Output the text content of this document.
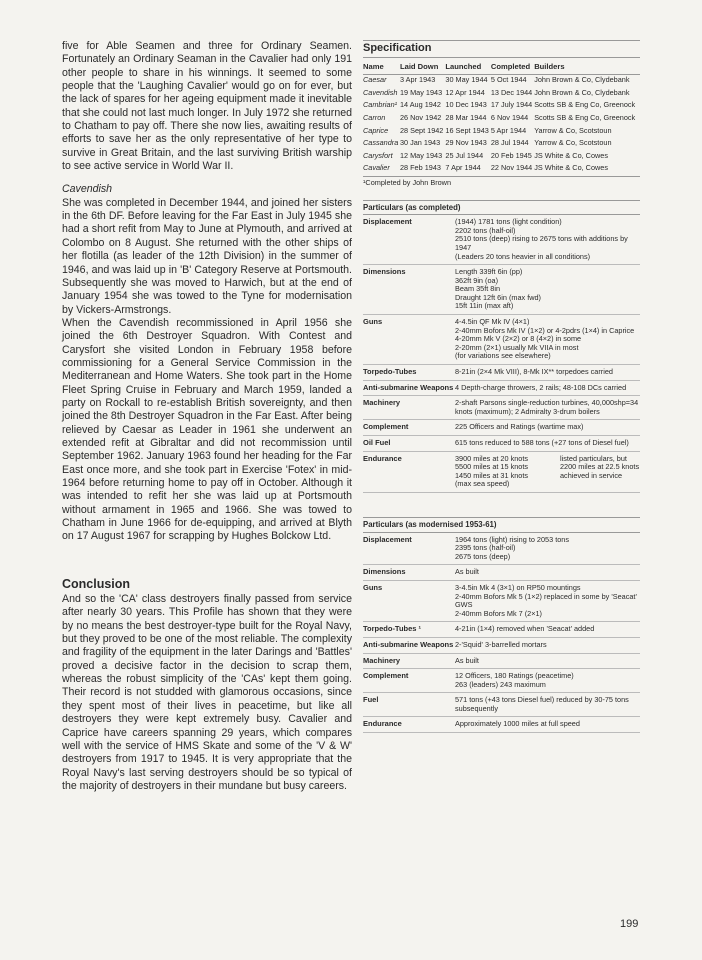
five for Able Seamen and three for Ordinary Seamen. Fortunately an Ordinary Seaman in the Cavalier had only 191 other people to share in his winnings. It seemed to some people that the 'Laughing Cavalier' would go on for ever, but the lack of spares for her ageing equipment made it inevitable that she could not last much longer. In July 1972 she returned to Chatham to pay off. There she now lies, awaiting results of efforts to save her as the only representative of her type to survive in Great Britain, and the last surviving British warship to see active service in World War II.

Cavendish

She was completed in December 1944, and joined her sisters in the 6th DF. Before leaving for the Far East in July 1945 she had a short refit from May to June at Plymouth, and arrived at Colombo on 8 August. She returned with the other ships of her flotilla (as leader of the 12th Division) in the summer of 1946, and was laid up in 'B' Category Reserve at Portsmouth. Subsequently she was moved to Harwich, but at the end of January 1954 she was towed to the Tyne for modernisation by Vickers-Armstrongs.

When the Cavendish recommissioned in April 1956 she joined the 6th Destroyer Squadron. With Contest and Carysfort she visited London in February 1958 before commissioning for a General Service Commission in the Mediterranean and Home Waters. She took part in the Home Fleet Spring Cruise in February and March 1959, landed a party on Rockall to re-establish British sovereignty, and then joined the 8th Destroyer Squadron in the Far East. After being relieved by Caesar as Leader in 1961 she underwent an extended refit at Gibraltar and did not recommission until September 1962. January 1963 found her heading for the Far East once more, and she took part in Exercise 'Fotex' in mid-1964 before returning home to pay off in October. Although it was intended to refit her she was laid up at Portsmouth without armament in 1965 and 1966. She was towed to Chatham in June 1966 for de-equipping, and arrived at Blyth on 17 August 1967 for scrapping by Hughes Bolckow Ltd.

Conclusion

And so the 'CA' class destroyers finally passed from service after nearly 30 years. This Profile has shown that they were by no means the best destroyer-type built for the Royal Navy, but they proved to be one of the most reliable. The complexity and fragility of the equipment in the later Darings and 'Battles' proved a decisive factor in the decision to scrap them, whereas the robust simplicity of the 'CAs' kept them going. Their record is not studded with glamorous occasions, since they spent most of their lives in peacetime, but like all destroyers they were kept extremely busy. Cavalier and Caprice have careers spanning 29 years, which compares well with the service of HMS Skate and some of the 'V & W' destroyers from 1917 to 1945. It is very appropriate that the Royal Navy's last serving destroyers should be so typical of the majority of destroyers in their mundane but busy careers.

Specification
Name	Laid Down	Launched	Completed	Builders
Caesar	3 Apr 1943	30 May 1944	5 Oct 1944	John Brown & Co, Clydebank
Cavendish	19 May 1943	12 Apr 1944	13 Dec 1944	John Brown & Co, Clydebank
Cambrian¹	14 Aug 1942	10 Dec 1943	17 July 1944	Scotts SB & Eng Co, Greenock
Carron	26 Nov 1942	28 Mar 1944	6 Nov 1944	Scotts SB & Eng Co, Greenock
Caprice	28 Sept 1942	16 Sept 1943	5 Apr 1944	Yarrow & Co, Scotstoun
Cassandra	30 Jan 1943	29 Nov 1943	28 Jul 1944	Yarrow & Co, Scotstoun
Carysfort	12 May 1943	25 Jul 1944	20 Feb 1945	JS White & Co, Cowes
Cavalier	28 Feb 1943	7 Apr 1944	22 Nov 1944	JS White & Co, Cowes
¹Completed by John Brown
Particulars (as completed)
Displacement	(1944) 1781 tons (light condition)
2202 tons (half-oil)
2510 tons (deep) rising to 2675 tons with additions by 1947
(Leaders 20 tons heavier in all conditions)
Dimensions	Length 339ft 6in (pp)
362ft 9in (oa)
Beam 35ft 8in
Draught 12ft 6in (max fwd)
15ft 11in (max aft)
Guns	4-4.5in QF Mk IV (4×1)
2-40mm Bofors Mk IV (1×2) or 4-2pdrs (1×4) in Caprice
4-20mm Mk V (2×2) or 8 (4×2) in some
2-20mm (2×1) usually Mk VIIA in most
(for variations see elsewhere)
Torpedo-Tubes	8-21in (2×4 Mk VIII), 8-Mk IX** torpedoes carried
Anti-submarine Weapons 4 Depth-charge throwers, 2 rails; 48-108 DCs carried
Machinery	2-shaft Parsons single-reduction turbines, 40,000shp=34 knots (maximum); 2 Admiralty 3-drum boilers
Complement	225 Officers and Ratings (wartime max)
Oil Fuel	615 tons reduced to 588 tons (+27 tons of Diesel fuel)
Endurance	3900 miles at 20 knots
5500 miles at 15 knots
1450 miles at 31 knots
(max sea speed)
listed particulars, but 2200 miles at 22.5 knots achieved in service
Particulars (as modernised 1953-61)
Displacement	1964 tons (light) rising to 2053 tons
2395 tons (half-oil)
2675 tons (deep)
Dimensions	As built
Guns	3-4.5in Mk 4 (3×1) on RP50 mountings
2-40mm Bofors Mk 5 (1×2) replaced in some by 'Seacat' GWS
2-40mm Bofors Mk 7 (2×1)
Torpedo-Tubes ¹	4-21in (1×4) removed when 'Seacat' added
Anti-submarine Weapons 2-'Squid' 3-barrelled mortars
Machinery	As built
Complement	12 Officers, 180 Ratings (peacetime)
263 (leaders) 243 maximum
Fuel	571 tons (+43 tons Diesel fuel) reduced by 30-75 tons subsequently
Endurance	Approximately 1000 miles at full speed
199
